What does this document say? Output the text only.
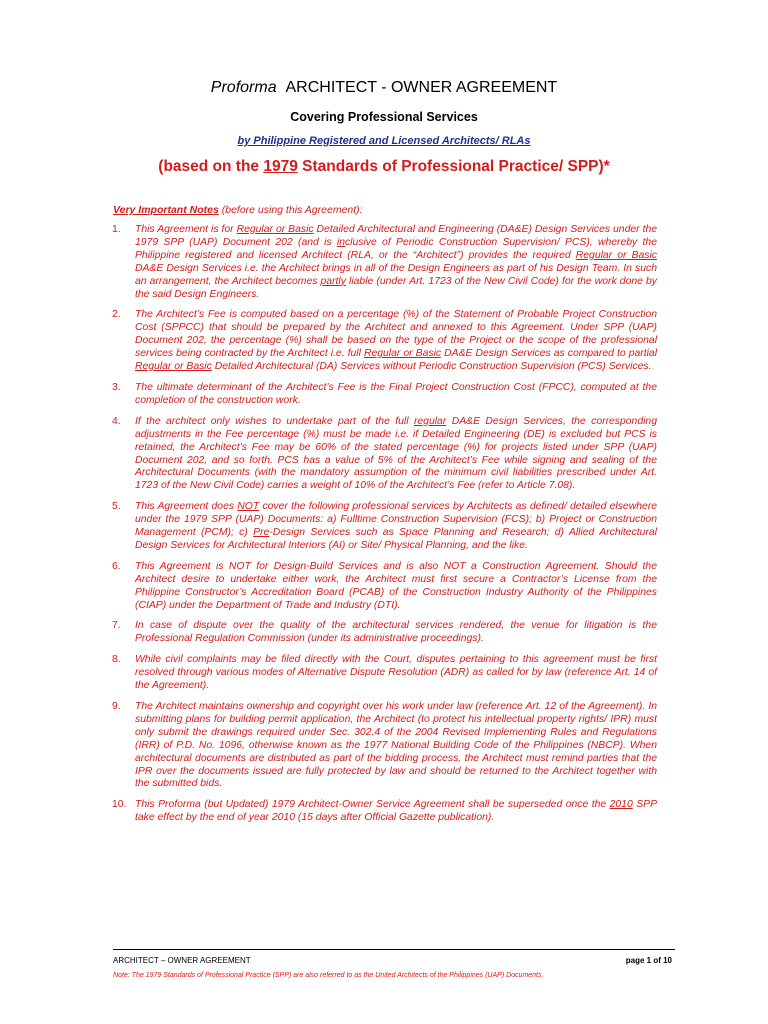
Proforma ARCHITECT - OWNER AGREEMENT
Covering Professional Services
by Philippine Registered and Licensed Architects/ RLAs
(based on the 1979 Standards of Professional Practice/ SPP)*
Very Important Notes (before using this Agreement):
1. This Agreement is for Regular or Basic Detailed Architectural and Engineering (DA&E) Design Services under the 1979 SPP (UAP) Document 202 (and is inclusive of Periodic Construction Supervision/ PCS), whereby the Philippine registered and licensed Architect (RLA, or the “Architect”) provides the required Regular or Basic DA&E Design Services i.e. the Architect brings in all of the Design Engineers as part of his Design Team. In such an arrangement, the Architect becomes partly liable (under Art. 1723 of the New Civil Code) for the work done by the said Design Engineers.
2. The Architect’s Fee is computed based on a percentage (%) of the Statement of Probable Project Construction Cost (SPPCC) that should be prepared by the Architect and annexed to this Agreement. Under SPP (UAP) Document 202, the percentage (%) shall be based on the type of the Project or the scope of the professional services being contracted by the Architect i.e. full Regular or Basic DA&E Design Services as compared to partial Regular or Basic Detailed Architectural (DA) Services without Periodic Construction Supervision (PCS) Services.
3. The ultimate determinant of the Architect’s Fee is the Final Project Construction Cost (FPCC), computed at the completion of the construction work.
4. If the architect only wishes to undertake part of the full regular DA&E Design Services, the corresponding adjustments in the Fee percentage (%) must be made i.e. if Detailed Engineering (DE) is excluded but PCS is retained, the Architect’s Fee may be 60% of the stated percentage (%) for projects listed under SPP (UAP) Document 202, and so forth. PCS has a value of 5% of the Architect’s Fee while signing and sealing of the Architectural Documents (with the mandatory assumption of the minimum civil liabilities prescribed under Art. 1723 of the New Civil Code) carries a weight of 10% of the Architect’s Fee (refer to Article 7.08).
5. This Agreement does NOT cover the following professional services by Architects as defined/ detailed elsewhere under the 1979 SPP (UAP) Documents: a) Fulltime Construction Supervision (FCS); b) Project or Construction Management (PCM); c) Pre-Design Services such as Space Planning and Research; d) Allied Architectural Design Services for Architectural Interiors (AI) or Site/ Physical Planning, and the like.
6. This Agreement is NOT for Design-Build Services and is also NOT a Construction Agreement. Should the Architect desire to undertake either work, the Architect must first secure a Contractor’s License from the Philippine Constructor’s Accreditation Board (PCAB) of the Construction Industry Authority of the Philippines (CIAP) under the Department of Trade and Industry (DTI).
7. In case of dispute over the quality of the architectural services rendered, the venue for litigation is the Professional Regulation Commission (under its administrative proceedings).
8. While civil complaints may be filed directly with the Court, disputes pertaining to this agreement must be first resolved through various modes of Alternative Dispute Resolution (ADR) as called for by law (reference Art. 14 of the Agreement).
9. The Architect maintains ownership and copyright over his work under law (reference Art. 12 of the Agreement). In submitting plans for building permit application, the Architect (to protect his intellectual property rights/ IPR) must only submit the drawings required under Sec. 302.4 of the 2004 Revised Implementing Rules and Regulations (IRR) of P.D. No. 1096, otherwise known as the 1977 National Building Code of the Philippines (NBCP). When architectural documents are distributed as part of the bidding process, the Architect must remind parties that the IPR over the documents issued are fully protected by law and should be returned to the Architect together with the submitted bids.
10. This Proforma (but Updated) 1979 Architect-Owner Service Agreement shall be superseded once the 2010 SPP take effect by the end of year 2010 (15 days after Official Gazette publication).
ARCHITECT – OWNER AGREEMENT	page 1 of 10
Note: The 1979 Standards of Professional Practice (SPP) are also referred to as the United Architects of the Philippines (UAP) Documents.
